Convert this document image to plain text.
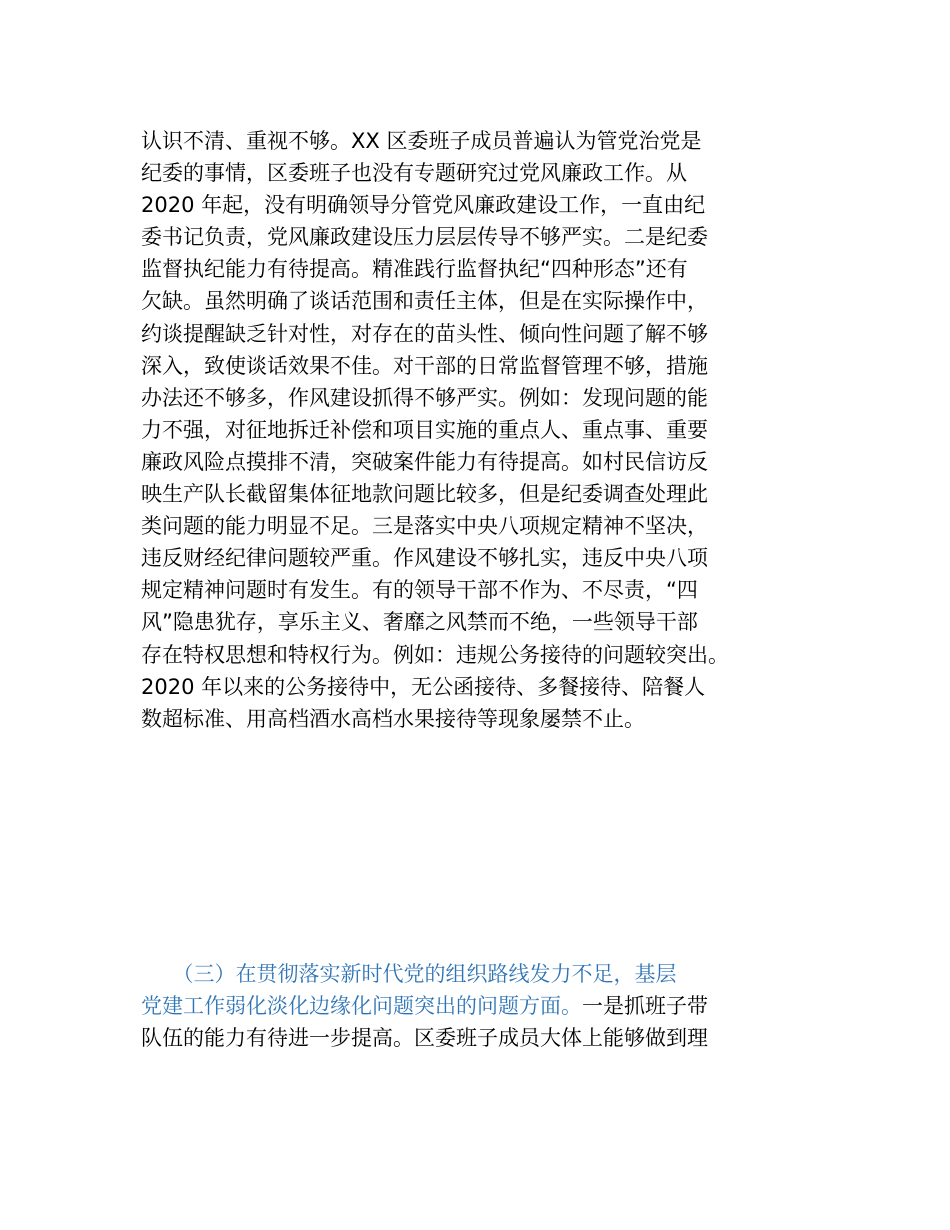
认识不清、重视不够。XX 区委班子成员普遍认为管党治党是
纪委的事情，区委班子也没有专题研究过党风廉政工作。从
2020 年起，没有明确领导分管党风廉政建设工作，一直由纪
委书记负责，党风廉政建设压力层层传导不够严实。二是纪委
监督执纪能力有待提高。精准践行监督执纪“四种形态”还有
欠缺。虽然明确了谈话范围和责任主体，但是在实际操作中，
约谈提醒缺乏针对性，对存在的苗头性、倾向性问题了解不够
深入，致使谈话效果不佳。对干部的日常监督管理不够，措施
办法还不够多，作风建设抓得不够严实。例如：发现问题的能
力不强，对征地拆迁补偿和项目实施的重点人、重点事、重要
廉政风险点摸排不清，突破案件能力有待提高。如村民信访反
映生产队长截留集体征地款问题比较多，但是纪委调查处理此
类问题的能力明显不足。三是落实中央八项规定精神不坚决，
违反财经纪律问题较严重。作风建设不够扎实，违反中央八项
规定精神问题时有发生。有的领导干部不作为、不尽责，“四
风”隐患犹存，享乐主义、奢靡之风禁而不绝，一些领导干部
存在特权思想和特权行为。例如：违规公务接待的问题较突出。
2020 年以来的公务接待中，无公函接待、多餐接待、陪餐人
数超标准、用高档酒水高档水果接待等现象屡禁不止。
　　（三）在贯彻落实新时代党的组织路线发力不足，基层
党建工作弱化淡化边缘化问题突出的问题方面。一是抓班子带
队伍的能力有待进一步提高。区委班子成员大体上能够做到理
